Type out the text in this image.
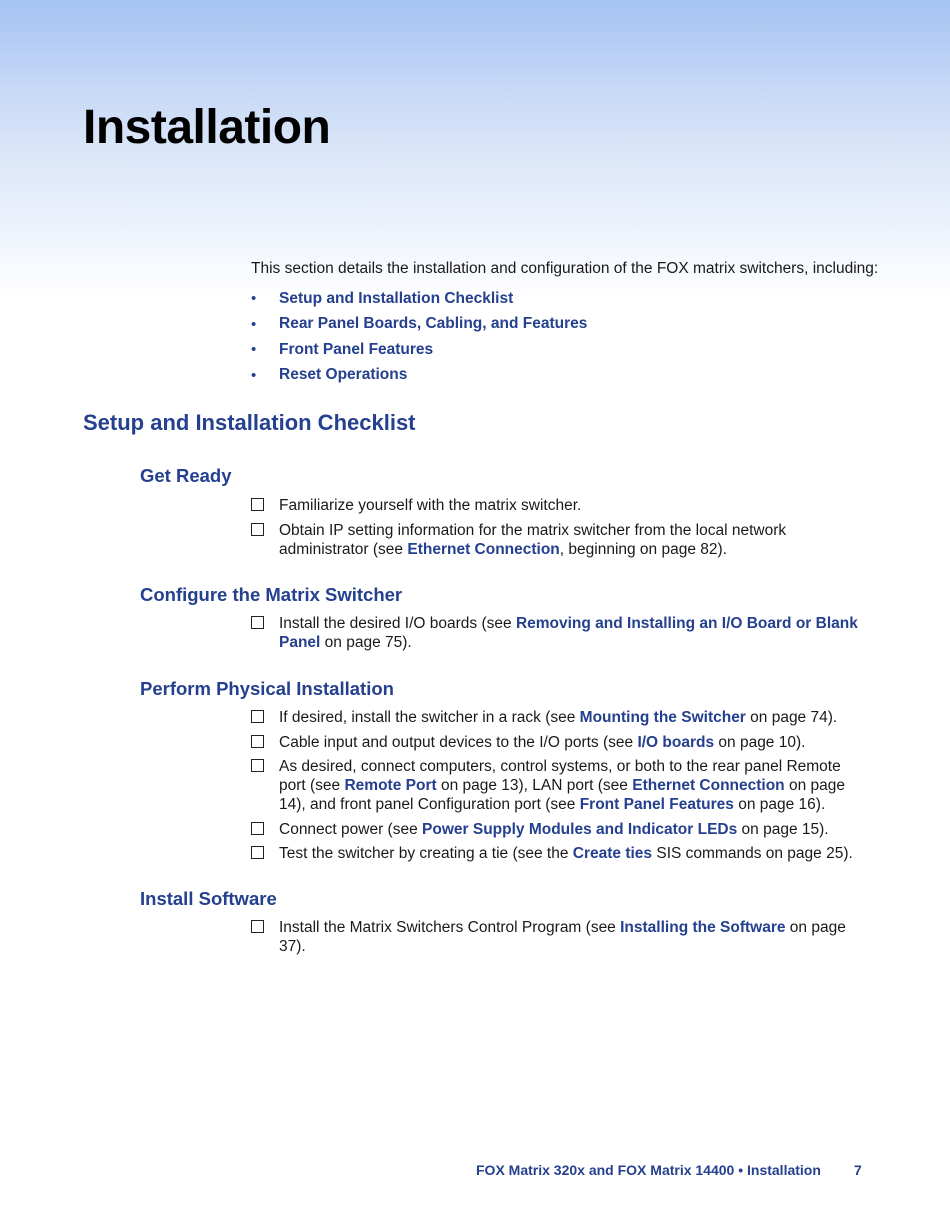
Installation
This section details the installation and configuration of the FOX matrix switchers, including:
•	Setup and Installation Checklist
•	Rear Panel Boards, Cabling, and Features
•	Front Panel Features
•	Reset Operations
Setup and Installation Checklist
Get Ready
Familiarize yourself with the matrix switcher.
Obtain IP setting information for the matrix switcher from the local network administrator (see Ethernet Connection, beginning on page 82).
Configure the Matrix Switcher
Install the desired I/O boards (see Removing and Installing an I/O Board or Blank Panel on page 75).
Perform Physical Installation
If desired, install the switcher in a rack (see Mounting the Switcher on page 74).
Cable input and output devices to the I/O ports (see I/O boards on page 10).
As desired, connect computers, control systems, or both to the rear panel Remote port (see Remote Port on page 13), LAN port (see Ethernet Connection on page 14), and front panel Configuration port (see Front Panel Features on page 16).
Connect power (see Power Supply Modules and Indicator LEDs on page 15).
Test the switcher by creating a tie (see the Create ties SIS commands on page 25).
Install Software
Install the Matrix Switchers Control Program (see Installing the Software on page 37).
FOX Matrix 320x and FOX Matrix 14400 • Installation 7
